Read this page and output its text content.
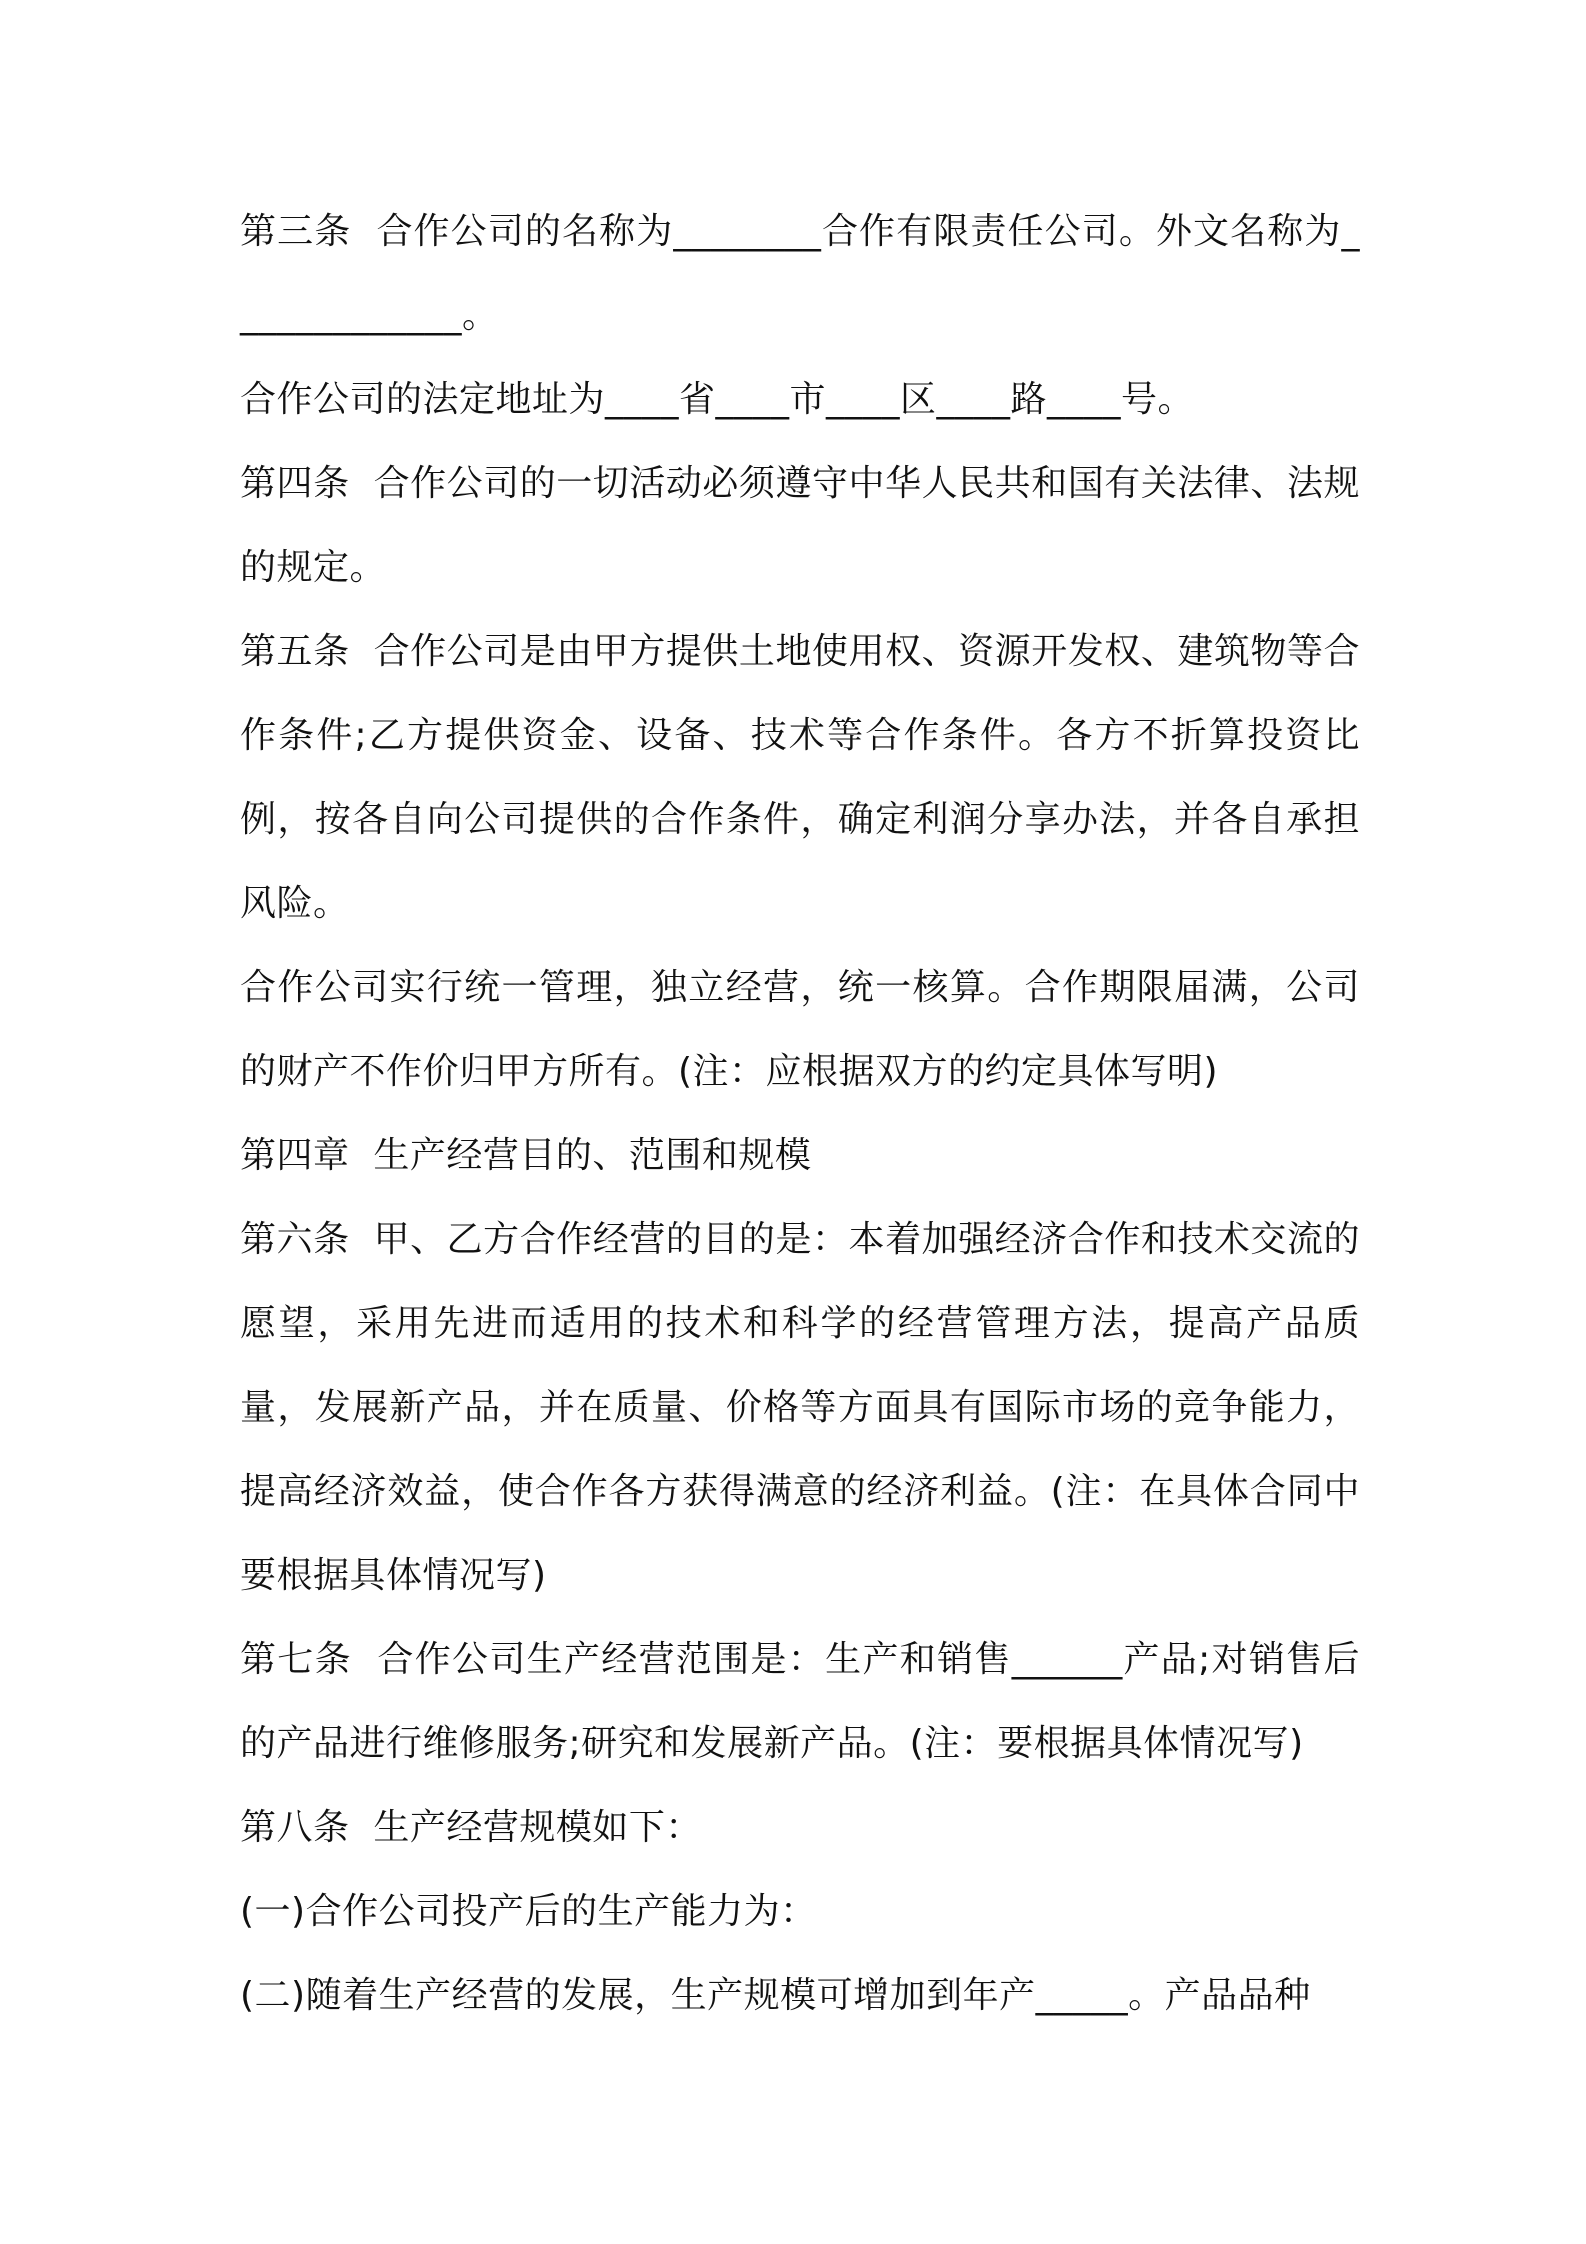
第三条  合作公司的名称为________合作有限责任公司。外文名称为_____________。

合作公司的法定地址为____省____市____区____路____号。

第四条  合作公司的一切活动必须遵守中华人民共和国有关法律、法规的规定。

第五条  合作公司是由甲方提供土地使用权、资源开发权、建筑物等合作条件;乙方提供资金、设备、技术等合作条件。各方不折算投资比例，按各自向公司提供的合作条件，确定利润分享办法，并各自承担风险。

合作公司实行统一管理，独立经营，统一核算。合作期限届满，公司的财产不作价归甲方所有。(注：应根据双方的约定具体写明)

第四章  生产经营目的、范围和规模

第六条  甲、乙方合作经营的目的是：本着加强经济合作和技术交流的愿望，采用先进而适用的技术和科学的经营管理方法，提高产品质量，发展新产品，并在质量、价格等方面具有国际市场的竞争能力，提高经济效益，使合作各方获得满意的经济利益。(注：在具体合同中要根据具体情况写)

第七条  合作公司生产经营范围是：生产和销售______产品;对销售后的产品进行维修服务;研究和发展新产品。(注：要根据具体情况写)

第八条  生产经营规模如下：

(一)合作公司投产后的生产能力为：

(二)随着生产经营的发展，生产规模可增加到年产_____。产品品种
